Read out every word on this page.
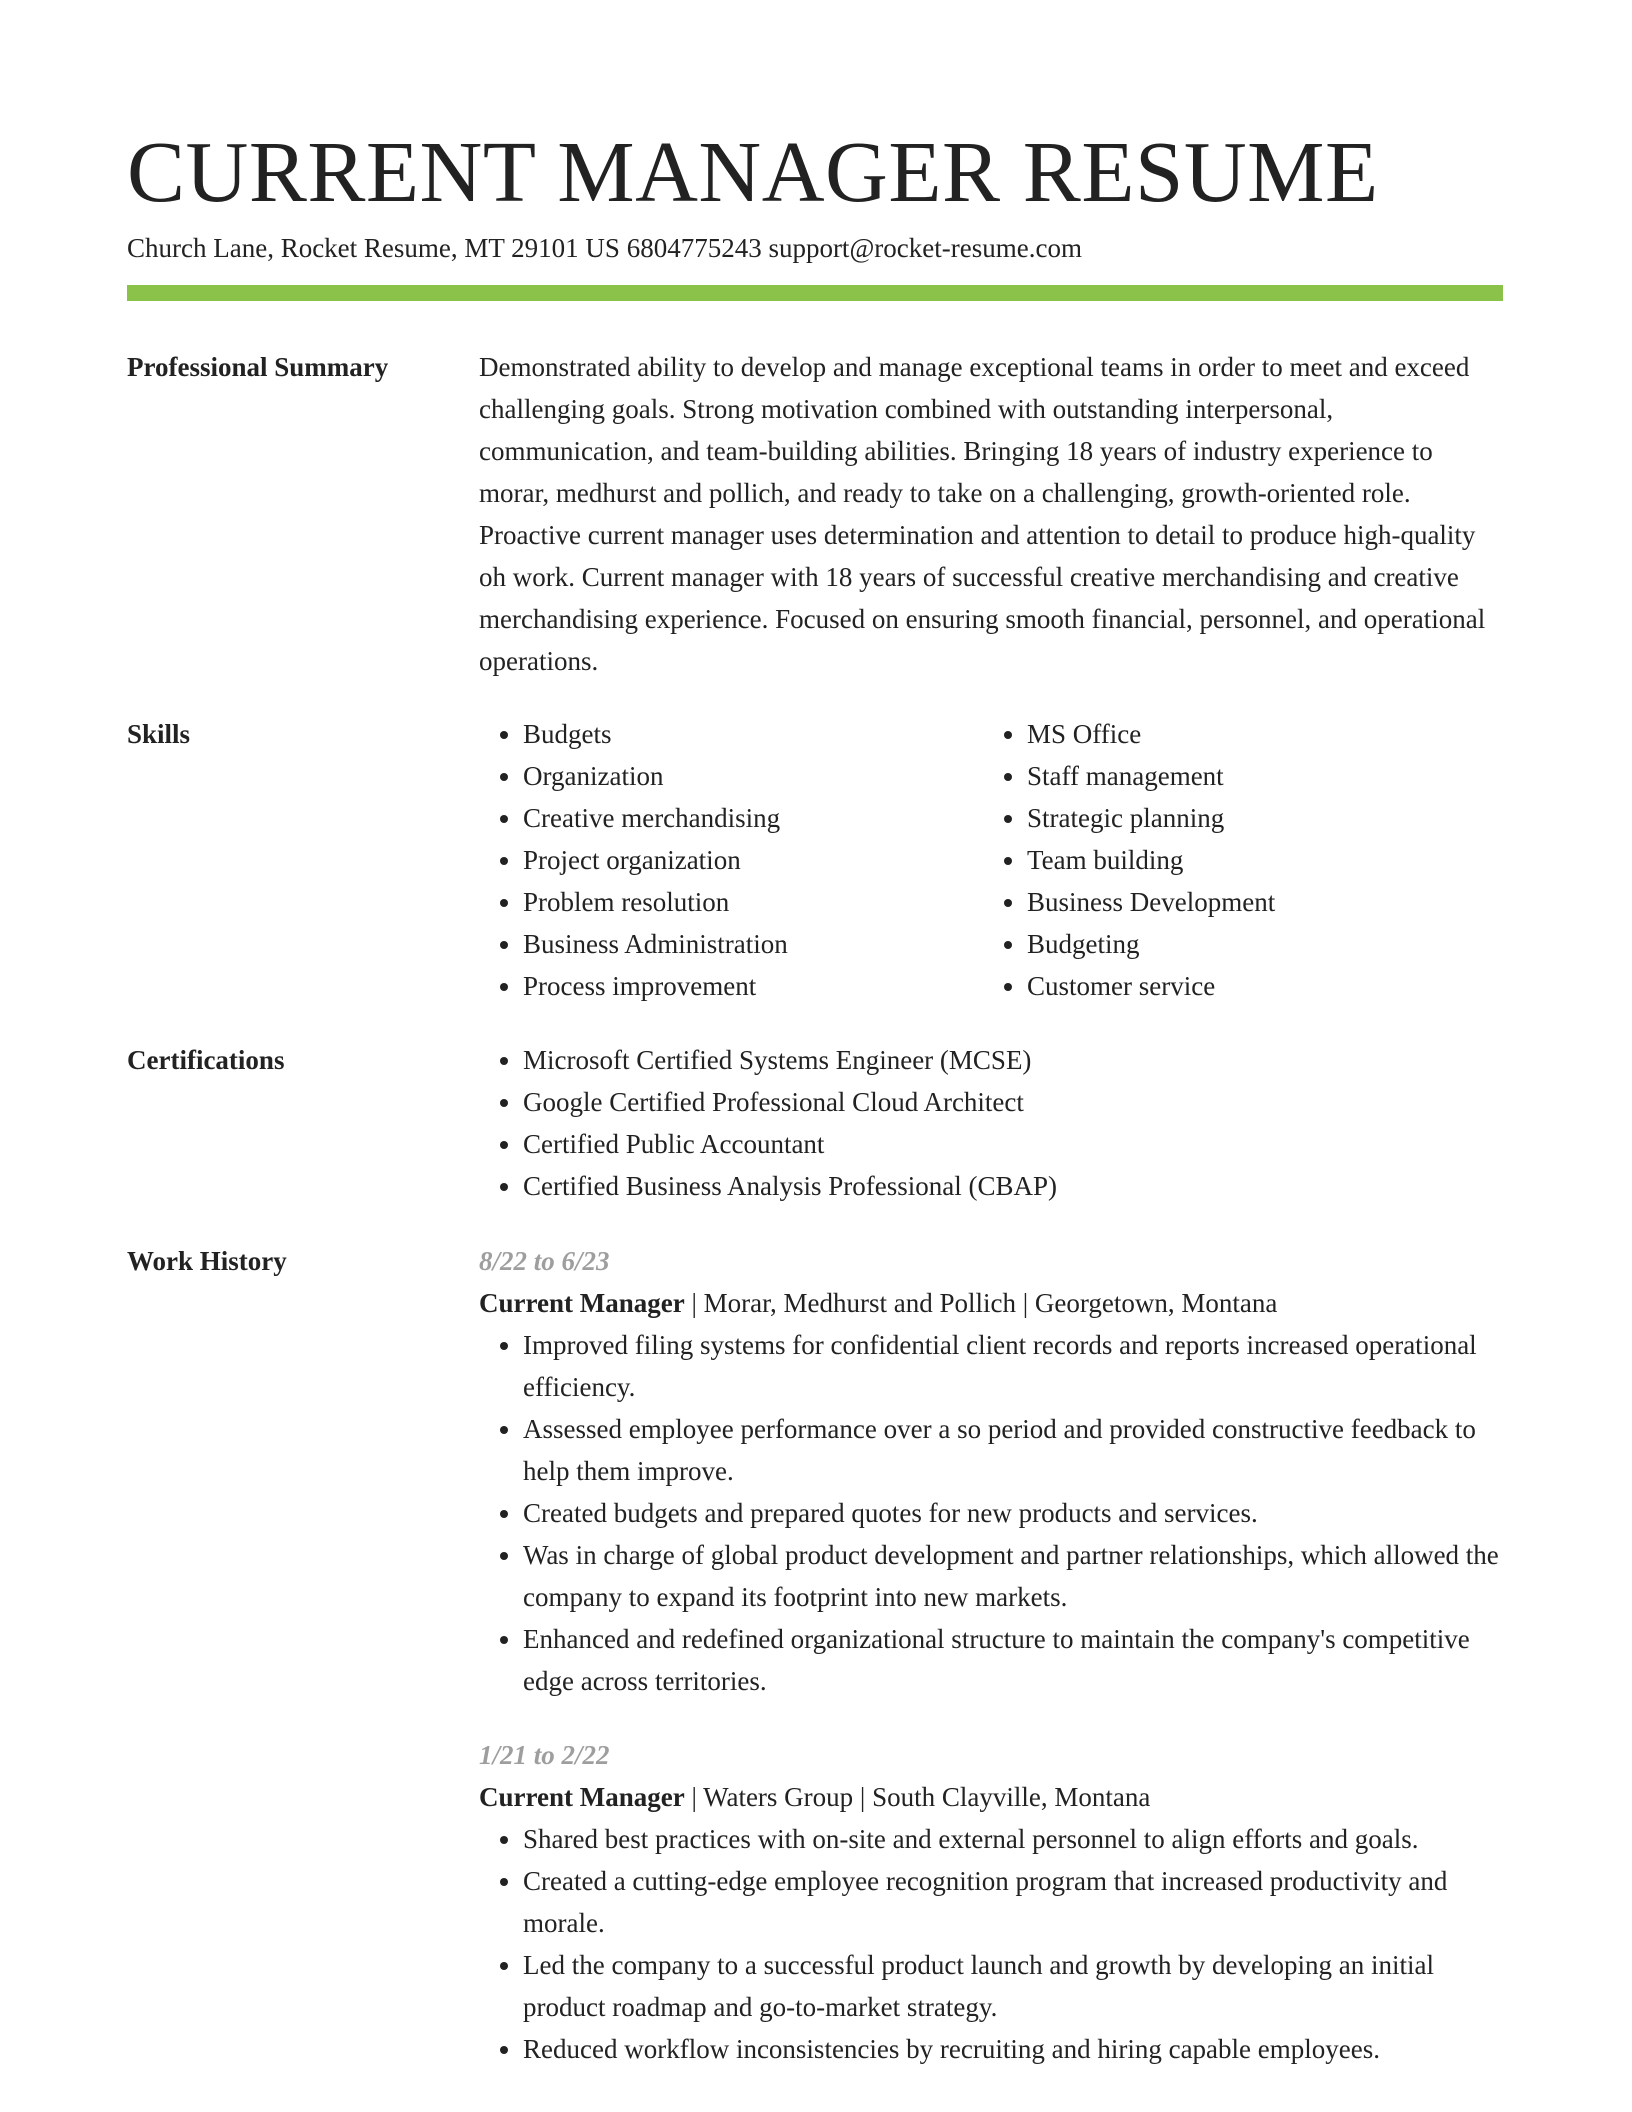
CURRENT MANAGER RESUME
Church Lane, Rocket Resume, MT 29101 US 6804775243 support@rocket-resume.com
Professional Summary	Demonstrated ability to develop and manage exceptional teams in order to meet and exceed challenging goals. Strong motivation combined with outstanding interpersonal, communication, and team-building abilities. Bringing 18 years of industry experience to morar, medhurst and pollich, and ready to take on a challenging, growth-oriented role. Proactive current manager uses determination and attention to detail to produce high-quality oh work. Current manager with 18 years of successful creative merchandising and creative merchandising experience. Focused on ensuring smooth financial, personnel, and operational operations.

Skills	• Budgets
• Organization
• Creative merchandising
• Project organization
• Problem resolution
• Business Administration
• Process improvement
• MS Office
• Staff management
• Strategic planning
• Team building
• Business Development
• Budgeting
• Customer service
Certifications	• Microsoft Certified Systems Engineer (MCSE)
• Google Certified Professional Cloud Architect
• Certified Public Accountant
• Certified Business Analysis Professional (CBAP)
Work History	8/22 to 6/23
Current Manager | Morar, Medhurst and Pollich | Georgetown, Montana
• Improved filing systems for confidential client records and reports increased operational efficiency.
• Assessed employee performance over a so period and provided constructive feedback to help them improve.
• Created budgets and prepared quotes for new products and services.
• Was in charge of global product development and partner relationships, which allowed the company to expand its footprint into new markets.
• Enhanced and redefined organizational structure to maintain the company's competitive edge across territories.
1/21 to 2/22
Current Manager | Waters Group | South Clayville, Montana
• Shared best practices with on-site and external personnel to align efforts and goals.
• Created a cutting-edge employee recognition program that increased productivity and morale.
• Led the company to a successful product launch and growth by developing an initial product roadmap and go-to-market strategy.
• Reduced workflow inconsistencies by recruiting and hiring capable employees.
